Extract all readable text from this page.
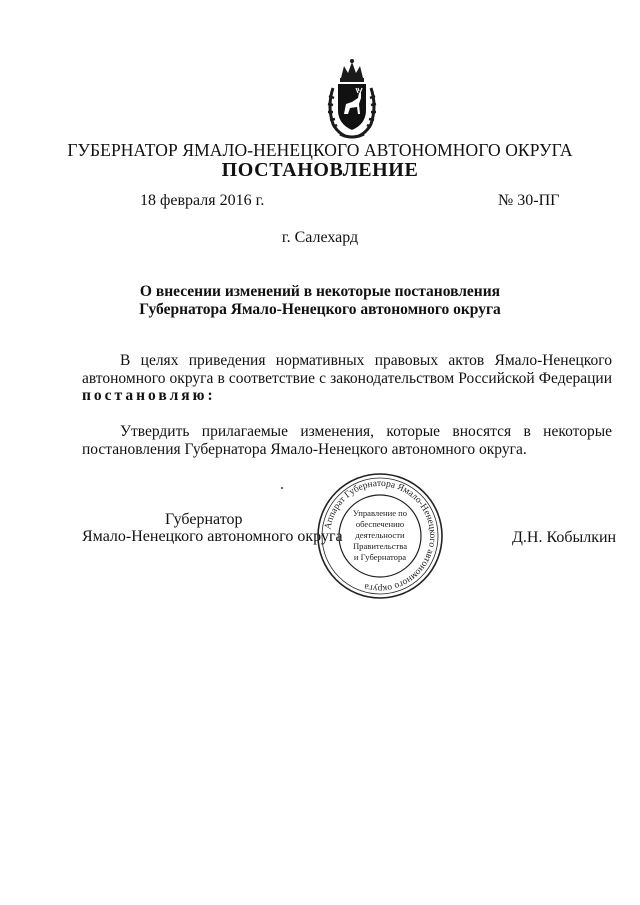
ГУБЕРНАТОР ЯМАЛО-НЕНЕЦКОГО АВТОНОМНОГО ОКРУГА
ПОСТАНОВЛЕНИЕ
18 февраля 2016 г.	№ 30-ПГ
г. Салехард
О внесении изменений в некоторые постановления
Губернатора Ямало-Ненецкого автономного округа
В целях приведения нормативных правовых актов Ямало-Ненецкого автономного округа в соответствие с законодательством Российской Федерации постановляю:
Утвердить прилагаемые изменения, которые вносятся в некоторые постановления Губернатора Ямало-Ненецкого автономного округа.
Губернатор
Ямало-Ненецкого автономного округа	Д.Н. Кобылкин
Аппарат Губернатора Ямало-Ненецкого автономного округа
Управление по
обеспечению
деятельности
Правительства
и Губернатора
